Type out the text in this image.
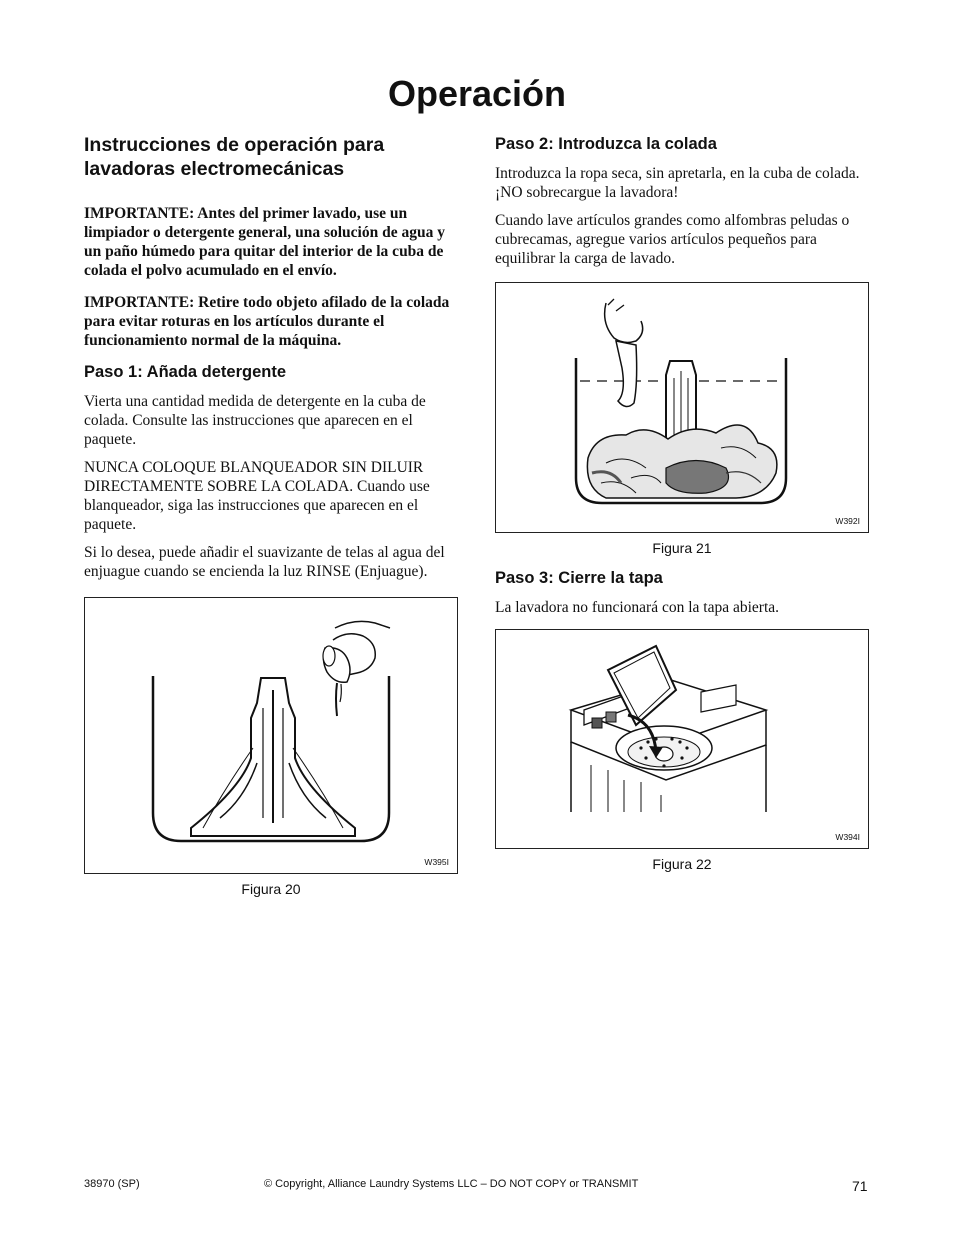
Operación
Instrucciones de operación para lavadoras electromecánicas

IMPORTANTE: Antes del primer lavado, use un limpiador o detergente general, una solución de agua y un paño húmedo para quitar del interior de la cuba de colada el polvo acumulado en el envío.

IMPORTANTE: Retire todo objeto afilado de la colada para evitar roturas en los artículos durante el funcionamiento normal de la máquina.

Paso 1: Añada detergente

Vierta una cantidad medida de detergente en la cuba de colada. Consulte las instrucciones que aparecen en el paquete.

NUNCA COLOQUE BLANQUEADOR SIN DILUIR DIRECTAMENTE SOBRE LA COLADA. Cuando use blanqueador, siga las instrucciones que aparecen en el paquete.

Si lo desea, puede añadir el suavizante de telas al agua del enjuague cuando se encienda la luz RINSE (Enjuague).

W395I
Figura 20
Paso 2: Introduzca la colada

Introduzca la ropa seca, sin apretarla, en la cuba de colada. ¡NO sobrecargue la lavadora!

Cuando lave artículos grandes como alfombras peludas o cubrecamas, agregue varios artículos pequeños para equilibrar la carga de lavado.

W392I
Figura 21
Paso 3: Cierre la tapa

La lavadora no funcionará con la tapa abierta.

W394I
Figura 22
38970 (SP)	© Copyright, Alliance Laundry Systems LLC – DO NOT COPY or TRANSMIT	71
